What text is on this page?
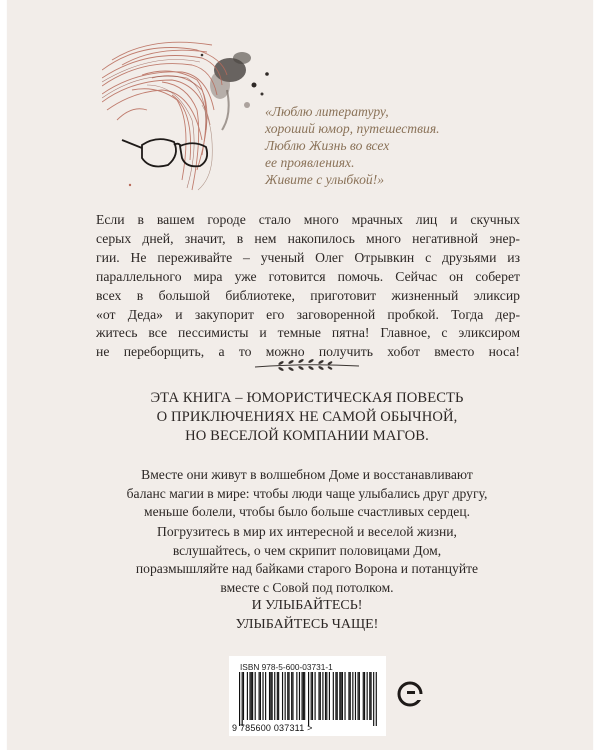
«Люблю литературу,
хороший юмор, путешествия.
Люблю Жизнь во всех
ее проявлениях.
Живите с улыбкой!»
Если в вашем городе стало много мрачных лиц и скучных
серых дней, значит, в нем накопилось много негативной энер-
гии. Не переживайте – ученый Олег Отрывкин с друзьями из
параллельного мира уже готовится помочь. Сейчас он соберет
всех в большой библиотеке, приготовит жизненный эликсир
«от Деда» и закупорит его заговоренной пробкой. Тогда дер-
житесь все пессимисты и темные пятна! Главное, с эликсиром
не переборщить, а то можно получить хобот вместо носа!
ЭТА КНИГА – ЮМОРИСТИЧЕСКАЯ ПОВЕСТЬ
О ПРИКЛЮЧЕНИЯХ НЕ САМОЙ ОБЫЧНОЙ,
НО ВЕСЕЛОЙ КОМПАНИИ МАГОВ.
Вместе они живут в волшебном Доме и восстанавливают
баланс магии в мире: чтобы люди чаще улыбались друг другу,
меньше болели, чтобы было больше счастливых сердец.
Погрузитесь в мир их интересной и веселой жизни,
вслушайтесь, о чем скрипит половицами Дом,
поразмышляйте над байками старого Ворона и потанцуйте
вместе с Совой под потолком.
И УЛЫБАЙТЕСЬ!
УЛЫБАЙТЕСЬ ЧАЩЕ!
ISBN 978-5-600-03731-1
9 785600 037311 >
